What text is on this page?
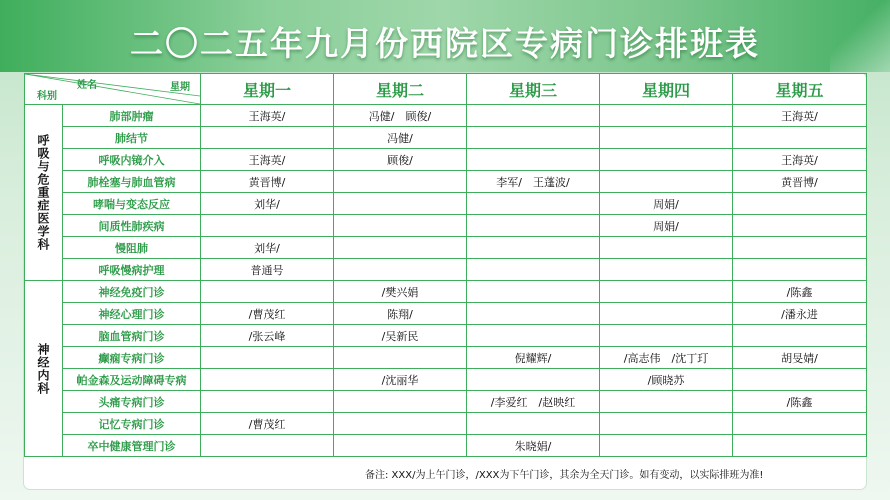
二〇二五年九月份西院区专病门诊排班表
姓名 星期
科别		星期一	星期二	星期三	星期四	星期五
呼吸与危重症医学科	肺部肿瘤	王海英/	冯健/　顾俊/			王海英/
	肺结节		冯健/			
	呼吸内镜介入	王海英/	顾俊/			王海英/
	肺栓塞与肺血管病	黄晋博/		李军/　王蓬波/		黄晋博/
	哮喘与变态反应	刘华/			周娟/	
	间质性肺疾病				周娟/	
	慢阻肺	刘华/				
	呼吸慢病护理	普通号				
神经内科	神经免疫门诊		/樊兴娟			/陈鑫
	神经心理门诊	/曹茂红	陈翔/			/潘永进
	脑血管病门诊	/张云峰	/吴新民			
	癫痫专病门诊			倪耀辉/	/高志伟　/沈丁玎	胡旻婧/
	帕金森及运动障碍专病		/沈丽华		/顾晓苏	
	头痛专病门诊			/李爱红　/赵映红		/陈鑫
	记忆专病门诊	/曹茂红				
	卒中健康管理门诊			朱晓娟/		
备注: XXX/为上午门诊，/XXX为下午门诊，其余为全天门诊。如有变动，以实际排班为准!
